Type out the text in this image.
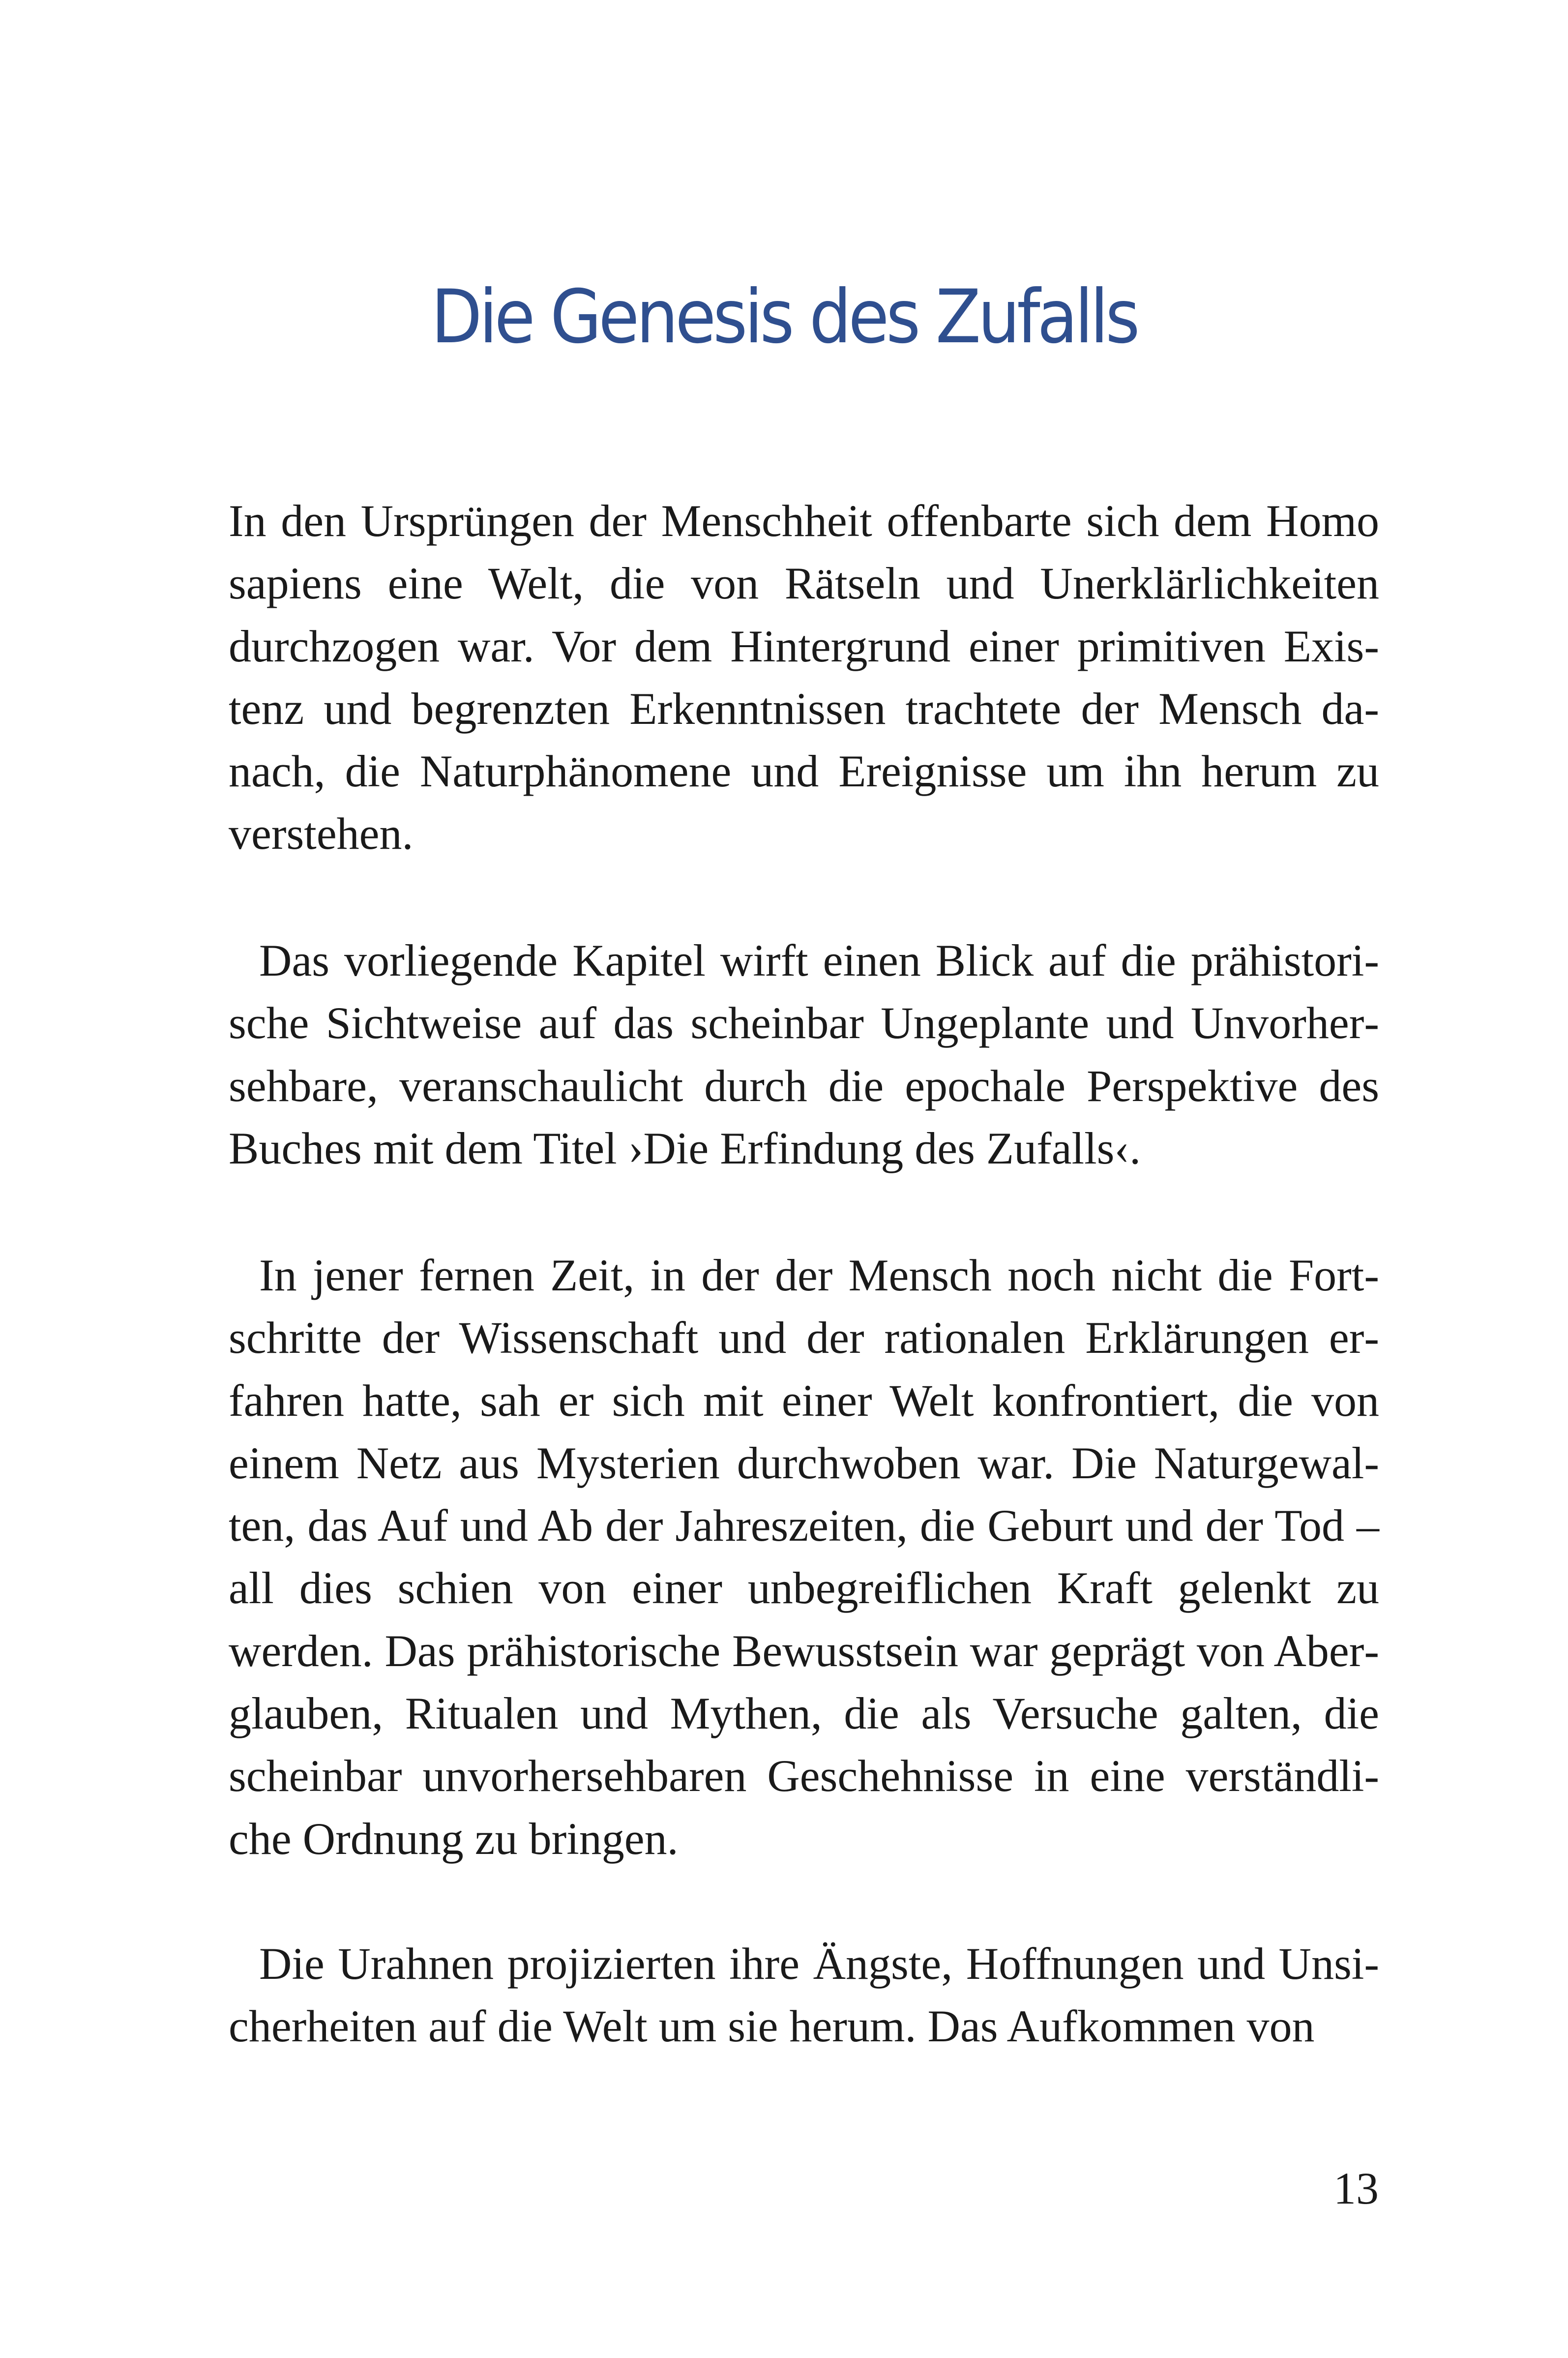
Die Genesis des Zufalls

In den Ursprüngen der Menschheit offenbarte sich dem Homo sapiens eine Welt, die von Rätseln und Unerklärlichkeiten durchzogen war. Vor dem Hintergrund einer primitiven Existenz und begrenzten Erkenntnissen trachtete der Mensch danach, die Naturphänomene und Ereignisse um ihn herum zu verstehen.

Das vorliegende Kapitel wirft einen Blick auf die prähistorische Sichtweise auf das scheinbar Ungeplante und Unvorhersehbare, veranschaulicht durch die epochale Perspektive des Buches mit dem Titel ›Die Erfindung des Zufalls‹.

In jener fernen Zeit, in der der Mensch noch nicht die Fortschritte der Wissenschaft und der rationalen Erklärungen erfahren hatte, sah er sich mit einer Welt konfrontiert, die von einem Netz aus Mysterien durchwoben war. Die Naturgewalten, das Auf und Ab der Jahreszeiten, die Geburt und der Tod – all dies schien von einer unbegreiflichen Kraft gelenkt zu werden. Das prähistorische Bewusstsein war geprägt von Aberglauben, Ritualen und Mythen, die als Versuche galten, die scheinbar unvorhersehbaren Geschehnisse in eine verständliche Ordnung zu bringen.

Die Urahnen projizierten ihre Ängste, Hoffnungen und Unsicherheiten auf die Welt um sie herum. Das Aufkommen von

13
